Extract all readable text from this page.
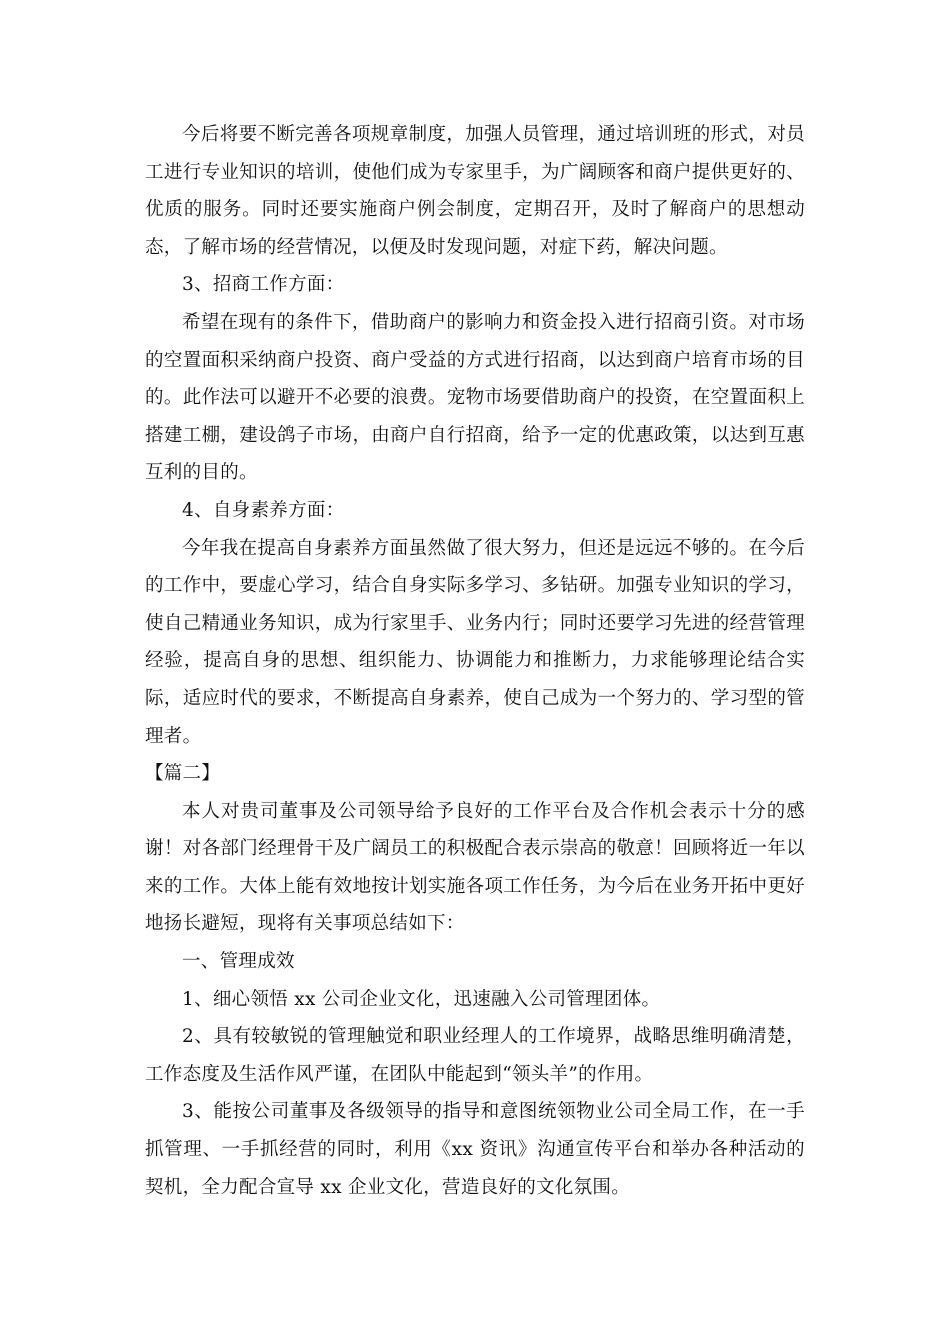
今后将要不断完善各项规章制度，加强人员管理，通过培训班的形式，对员工进行专业知识的培训，使他们成为专家里手，为广阔顾客和商户提供更好的、优质的服务。同时还要实施商户例会制度，定期召开，及时了解商户的思想动态，了解市场的经营情况，以便及时发现问题，对症下药，解决问题。

3、招商工作方面：

希望在现有的条件下，借助商户的影响力和资金投入进行招商引资。对市场的空置面积采纳商户投资、商户受益的方式进行招商，以达到商户培育市场的目的。此作法可以避开不必要的浪费。宠物市场要借助商户的投资，在空置面积上搭建工棚，建设鸽子市场，由商户自行招商，给予一定的优惠政策，以达到互惠互利的目的。

4、自身素养方面：

今年我在提高自身素养方面虽然做了很大努力，但还是远远不够的。在今后的工作中，要虚心学习，结合自身实际多学习、多钻研。加强专业知识的学习，使自己精通业务知识，成为行家里手、业务内行；同时还要学习先进的经营管理经验，提高自身的思想、组织能力、协调能力和推断力，力求能够理论结合实际，适应时代的要求，不断提高自身素养，使自己成为一个努力的、学习型的管理者。

【篇二】

本人对贵司董事及公司领导给予良好的工作平台及合作机会表示十分的感谢！对各部门经理骨干及广阔员工的积极配合表示崇高的敬意！回顾将近一年以来的工作。大体上能有效地按计划实施各项工作任务，为今后在业务开拓中更好地扬长避短，现将有关事项总结如下：

一、管理成效

1、细心领悟 xx 公司企业文化，迅速融入公司管理团体。

2、具有较敏锐的管理触觉和职业经理人的工作境界，战略思维明确清楚，工作态度及生活作风严谨，在团队中能起到“领头羊”的作用。

3、能按公司董事及各级领导的指导和意图统领物业公司全局工作，在一手抓管理、一手抓经营的同时，利用《xx 资讯》沟通宣传平台和举办各种活动的契机，全力配合宣导 xx 企业文化，营造良好的文化氛围。
